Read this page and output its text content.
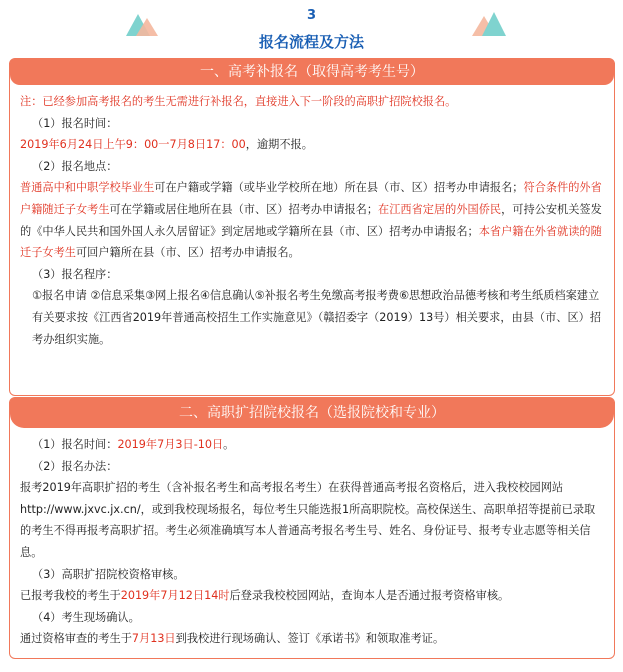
3
报名流程及方法
一、高考补报名（取得高考考生号）

注：已经参加高考报名的考生无需进行补报名，直接进入下一阶段的高职扩招院校报名。

（1）报名时间：

2019年6月24日上午9：00一7月8日17：00，逾期不报。

（2）报名地点：

普通高中和中职学校毕业生可在户籍或学籍（或毕业学校所在地）所在县（市、区）招考办申请报名；符合条件的外省户籍随迁子女考生可在学籍或居住地所在县（市、区）招考办申请报名；在江西省定居的外国侨民，可持公安机关签发的《中华人民共和国外国人永久居留证》到定居地或学籍所在县（市、区）招考办申请报名；本省户籍在外省就读的随迁子女考生可回户籍所在县（市、区）招考办申请报名。

（3）报名程序：

①报名申请 ②信息采集③网上报名④信息确认⑤补报名考生免缴高考报考费⑥思想政治品德考核和考生纸质档案建立有关要求按《江西省2019年普通高校招生工作实施意见》（赣招委字（2019）13号）相关要求，由县（市、区）招考办组织实施。

二、高职扩招院校报名（选报院校和专业）

（1）报名时间：2019年7月3日-10日。

（2）报名办法：

报考2019年高职扩招的考生（含补报名考生和高考报名考生）在获得普通高考报名资格后，进入我校校园网站http://www.jxvc.jx.cn/，或到我校现场报名，每位考生只能选报1所高职院校。高校保送生、高职单招等提前已录取的考生不得再报考高职扩招。考生必须准确填写本人普通高考报名考生号、姓名、身份证号、报考专业志愿等相关信息。

（3）高职扩招院校资格审核。

已报考我校的考生于2019年7月12日14时后登录我校校园网站，查询本人是否通过报考资格审核。

（4）考生现场确认。

通过资格审查的考生于7月13日到我校进行现场确认、签订《承诺书》和领取准考证。
